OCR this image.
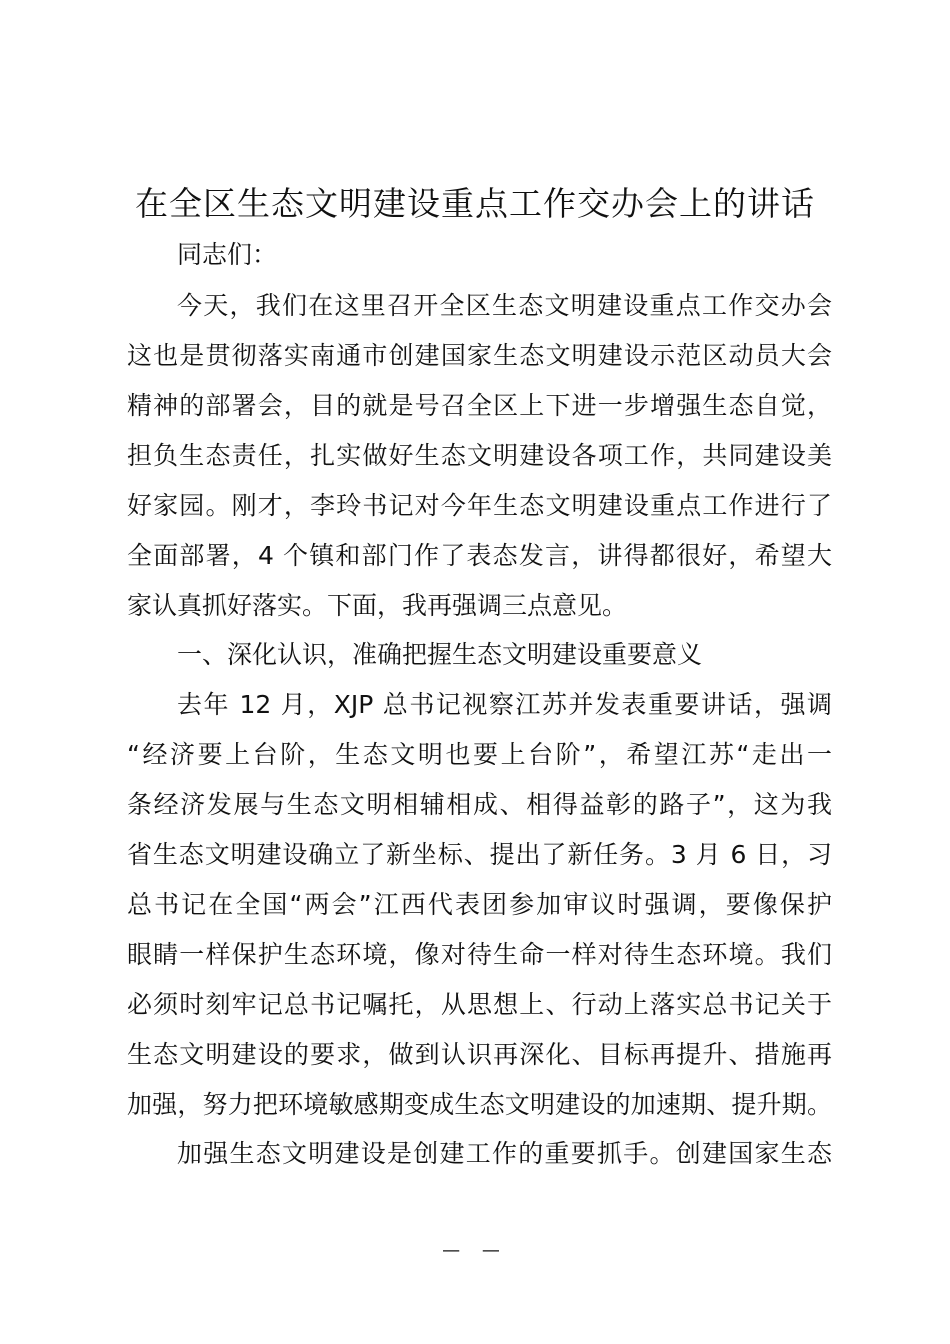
在全区生态文明建设重点工作交办会上的讲话
同志们：
今天，我们在这里召开全区生态文明建设重点工作交办会
这也是贯彻落实南通市创建国家生态文明建设示范区动员大会
精神的部署会，目的就是号召全区上下进一步增强生态自觉，
担负生态责任，扎实做好生态文明建设各项工作，共同建设美
好家园。刚才，李玲书记对今年生态文明建设重点工作进行了
全面部署，4 个镇和部门作了表态发言，讲得都很好，希望大
家认真抓好落实。下面，我再强调三点意见。
一、深化认识，准确把握生态文明建设重要意义
去年 12 月，XJP 总书记视察江苏并发表重要讲话，强调
“经济要上台阶，生态文明也要上台阶”，希望江苏“走出一
条经济发展与生态文明相辅相成、相得益彰的路子”，这为我
省生态文明建设确立了新坐标、提出了新任务。3 月 6 日，习
总书记在全国“两会”江西代表团参加审议时强调，要像保护
眼睛一样保护生态环境，像对待生命一样对待生态环境。我们
必须时刻牢记总书记嘱托，从思想上、行动上落实总书记关于
生态文明建设的要求，做到认识再深化、目标再提升、措施再
加强，努力把环境敏感期变成生态文明建设的加速期、提升期。
加强生态文明建设是创建工作的重要抓手。创建国家生态
— —
